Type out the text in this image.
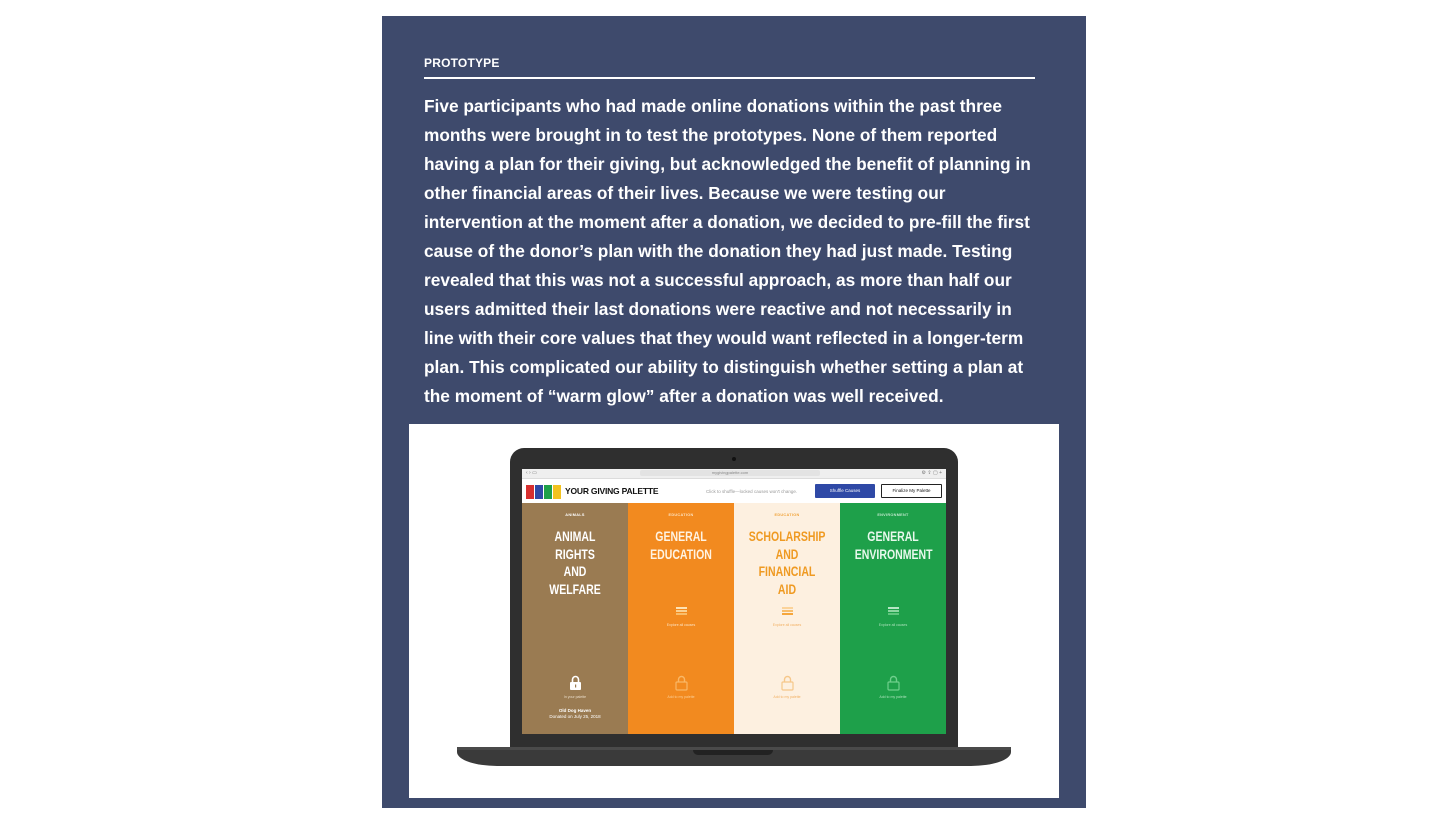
PROTOTYPE
Five participants who had made online donations within the past three months were brought in to test the prototypes. None of them reported having a plan for their giving, but acknowledged the benefit of planning in other financial areas of their lives. Because we were testing our intervention at the moment after a donation, we decided to pre-fill the first cause of the donor’s plan with the donation they had just made. Testing revealed that this was not a successful approach, as more than half our users admitted their last donations were reactive and not necessarily in line with their core values that they would want reflected in a longer-term plan. This complicated our ability to distinguish whether setting a plan at the moment of “warm glow” after a donation was well received.
‹ › ▭	mygivingpalette.com	⚙ ⇪ ▢ +
YOUR GIVING PALETTE	Click to shuffle—locked causes won't change.	Shuffle Causes	Finalize My Palette
ANIMALS
ANIMAL RIGHTS
AND WELFARE
In your palette
Old Dog Haven
Donated on July 25, 2018
EDUCATION
GENERAL
EDUCATION
Explore all causes
Add to my palette
EDUCATION
SCHOLARSHIP
AND
FINANCIAL AID
Explore all causes
Add to my palette
ENVIRONMENT
GENERAL
ENVIRONMENT
Explore all causes
Add to my palette
